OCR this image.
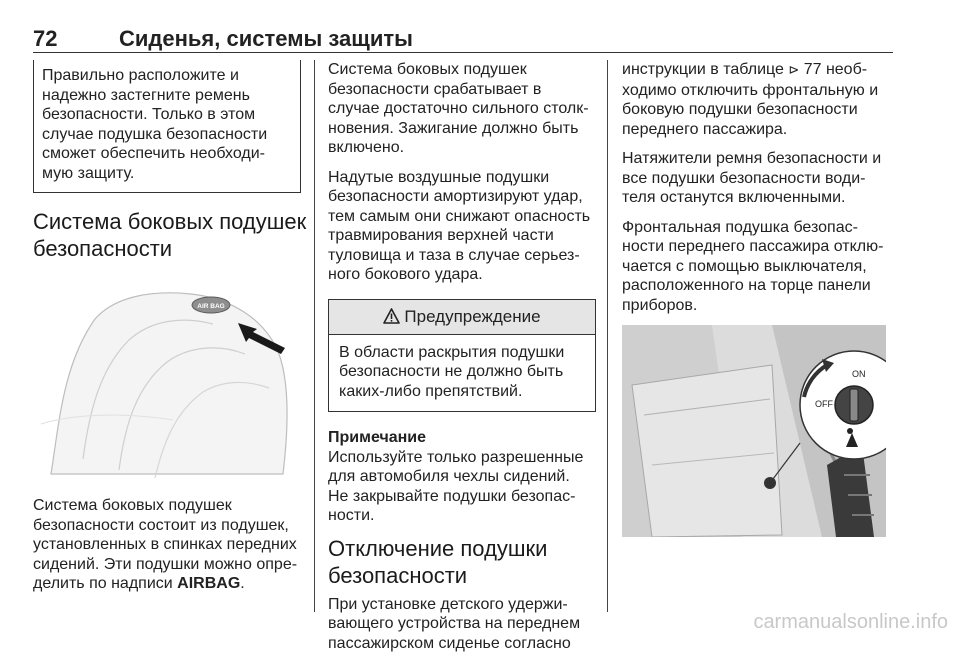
72	Сиденья, системы защиты
Правильно расположите и
надежно застегните ремень
безопасности. Только в этом
случае подушка безопасности
сможет обеспечить необходи-
мую защиту.
Система боковых подушек
безопасности
AIR BAG
Система боковых подушек
безопасности состоит из подушек,
установленных в спинках передних
сидений. Эти подушки можно опре-
делить по надписи AIRBAG.
Система боковых подушек
безопасности срабатывает в
случае достаточно сильного столк-
новения. Зажигание должно быть
включено.
Надутые воздушные подушки
безопасности амортизируют удар,
тем самым они снижают опасность
травмирования верхней части
туловища и таза в случае серьез-
ного бокового удара.
Предупреждение
В области раскрытия подушки
безопасности не должно быть
каких-либо препятствий.
Примечание
Используйте только разрешенные
для автомобиля чехлы сидений.
Не закрывайте подушки безопас-
ности.
Отключение подушки
безопасности
При установке детского удержи-
вающего устройства на переднем
пассажирском сиденье согласно
инструкции в таблице ⊳ 77 необ-
ходимо отключить фронтальную и
боковую подушки безопасности
переднего пассажира.
Натяжители ремня безопасности и
все подушки безопасности води-
теля останутся включенными.
Фронтальная подушка безопас-
ности переднего пассажира отклю-
чается с помощью выключателя,
расположенного на торце панели
приборов.
ON
OFF
carmanualsonline.info
